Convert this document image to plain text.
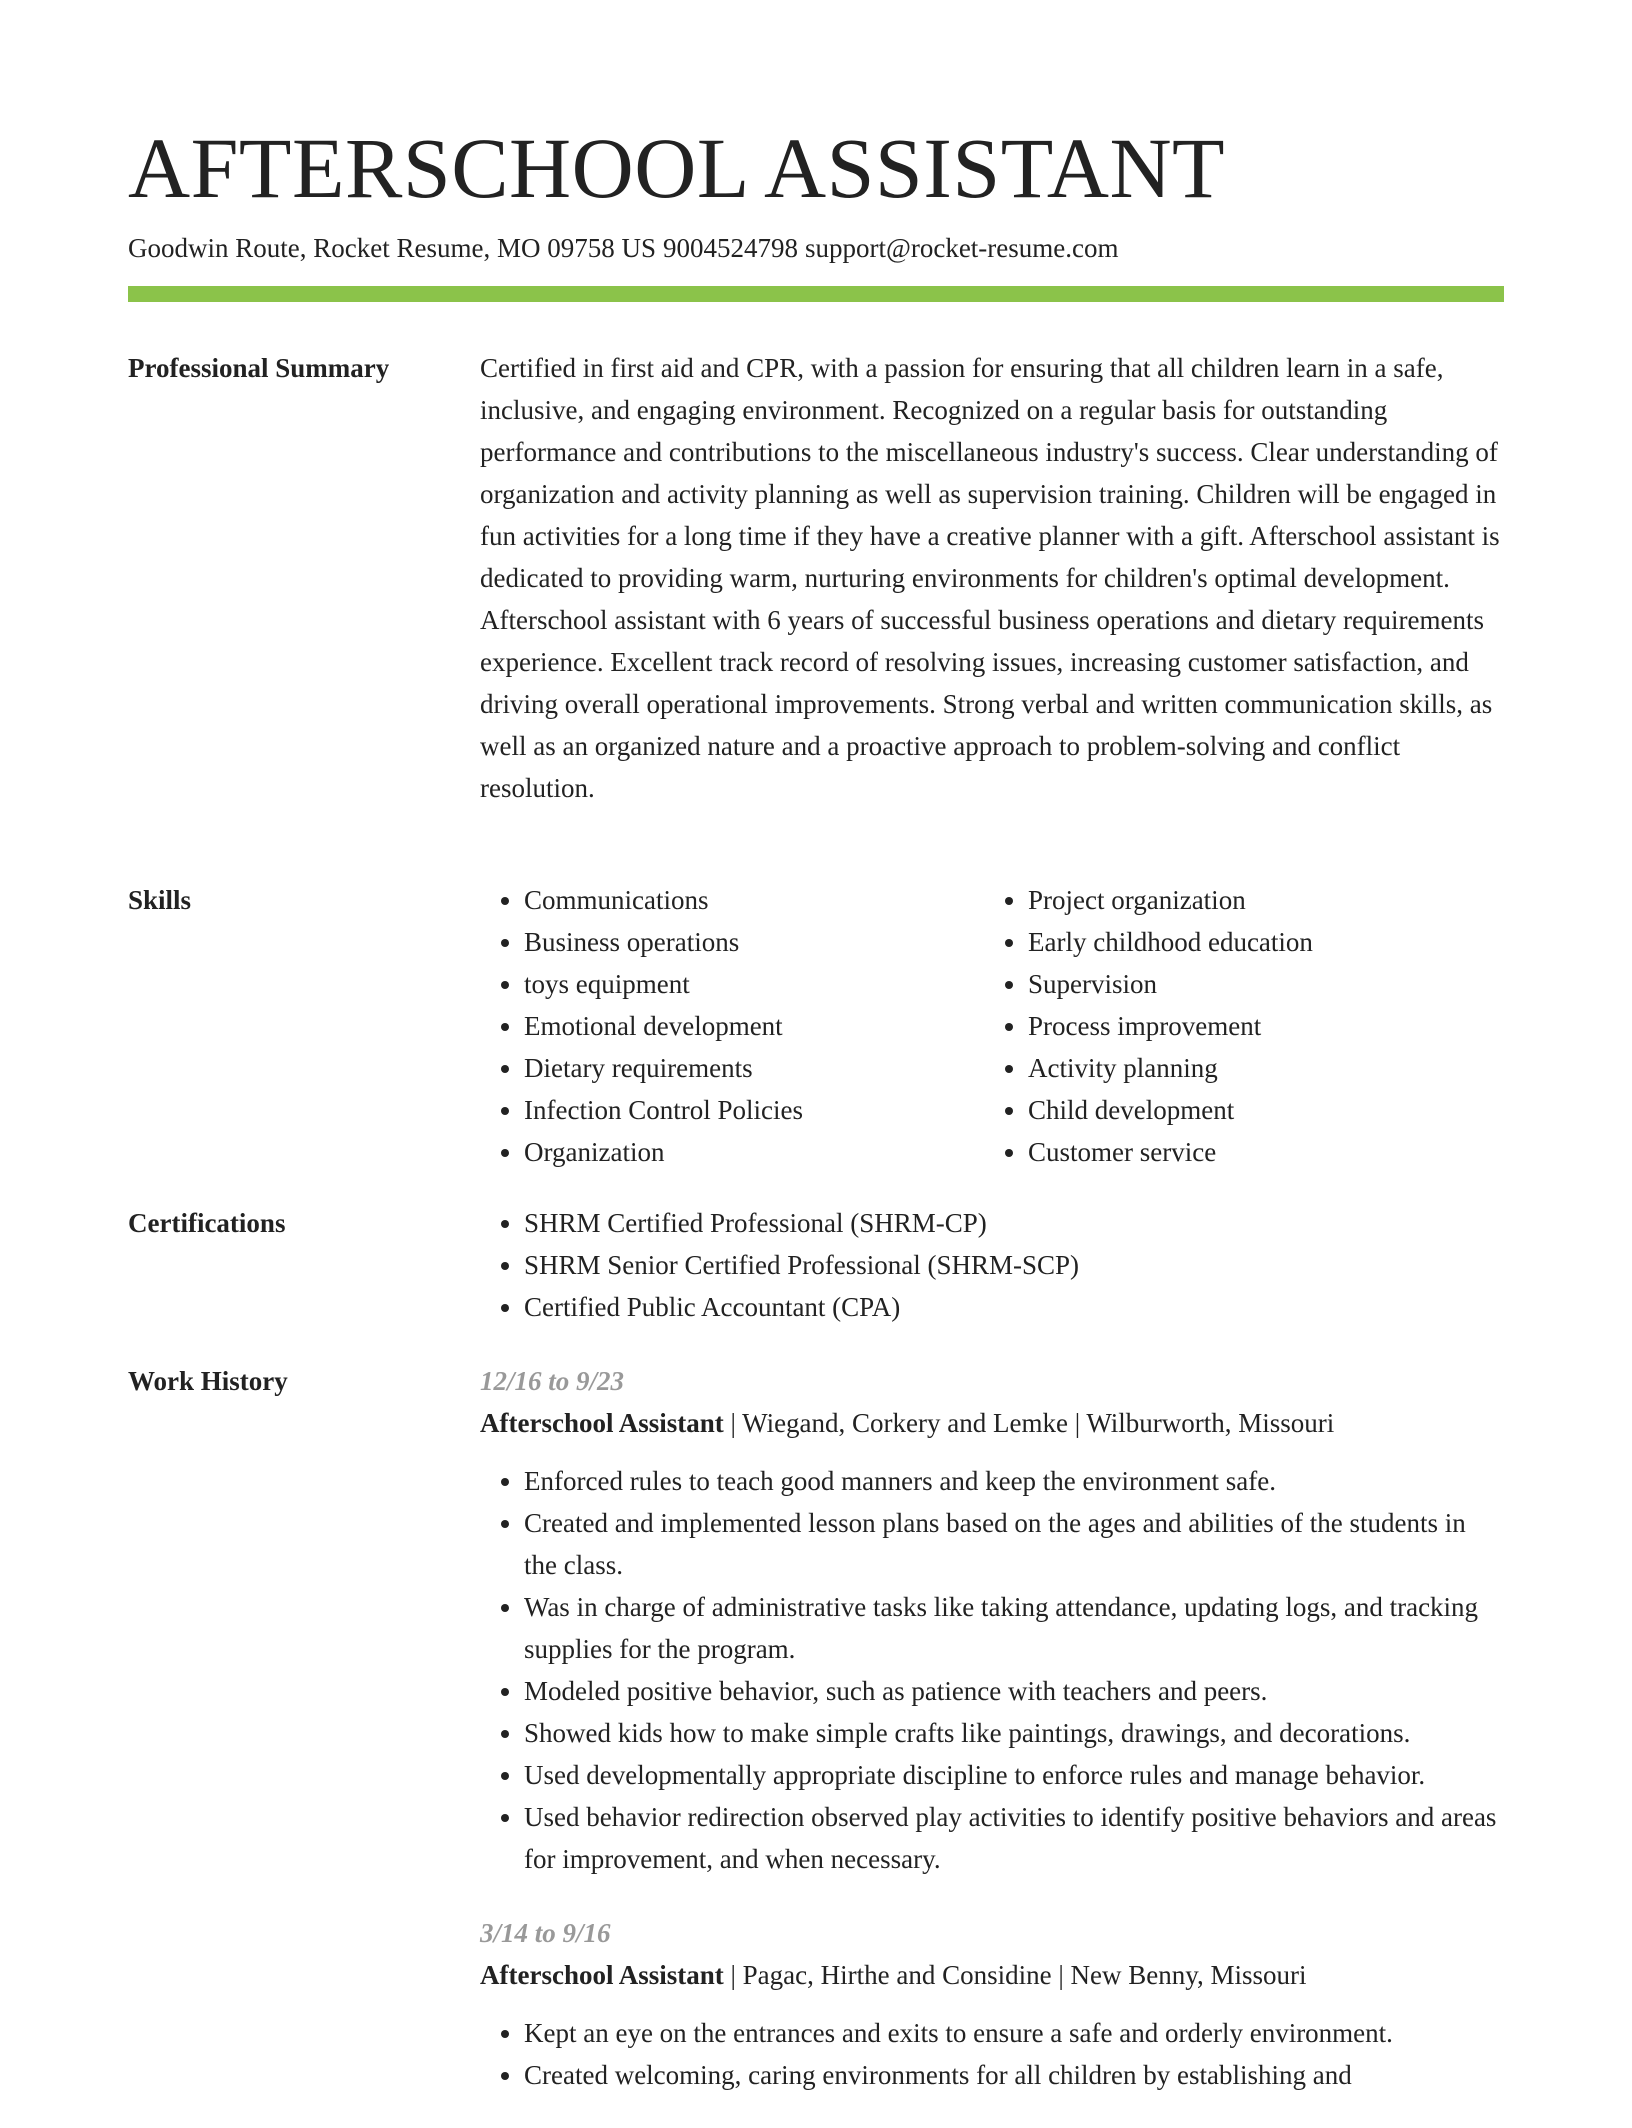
AFTERSCHOOL ASSISTANT
Goodwin Route, Rocket Resume, MO 09758 US 9004524798 support@rocket-resume.com
Professional Summary	Certified in first aid and CPR, with a passion for ensuring that all children learn in a safe, inclusive, and engaging environment. Recognized on a regular basis for outstanding performance and contributions to the miscellaneous industry's success. Clear understanding of organization and activity planning as well as supervision training. Children will be engaged in fun activities for a long time if they have a creative planner with a gift. Afterschool assistant is dedicated to providing warm, nurturing environments for children's optimal development. Afterschool assistant with 6 years of successful business operations and dietary requirements experience. Excellent track record of resolving issues, increasing customer satisfaction, and driving overall operational improvements. Strong verbal and written communication skills, as well as an organized nature and a proactive approach to problem-solving and conflict resolution.

Skills	• Communications
• Business operations
• toys equipment
• Emotional development
• Dietary requirements
• Infection Control Policies
• Organization
• Project organization
• Early childhood education
• Supervision
• Process improvement
• Activity planning
• Child development
• Customer service
Certifications	• SHRM Certified Professional (SHRM-CP)
• SHRM Senior Certified Professional (SHRM-SCP)
• Certified Public Accountant (CPA)
Work History	12/16 to 9/23

Afterschool Assistant | Wiegand, Corkery and Lemke | Wilburworth, Missouri

• Enforced rules to teach good manners and keep the environment safe.
• Created and implemented lesson plans based on the ages and abilities of the students in the class.
• Was in charge of administrative tasks like taking attendance, updating logs, and tracking supplies for the program.
• Modeled positive behavior, such as patience with teachers and peers.
• Showed kids how to make simple crafts like paintings, drawings, and decorations.
• Used developmentally appropriate discipline to enforce rules and manage behavior.
• Used behavior redirection observed play activities to identify positive behaviors and areas for improvement, and when necessary.

3/14 to 9/16

Afterschool Assistant | Pagac, Hirthe and Considine | New Benny, Missouri

• Kept an eye on the entrances and exits to ensure a safe and orderly environment.
• Created welcoming, caring environments for all children by establishing and
